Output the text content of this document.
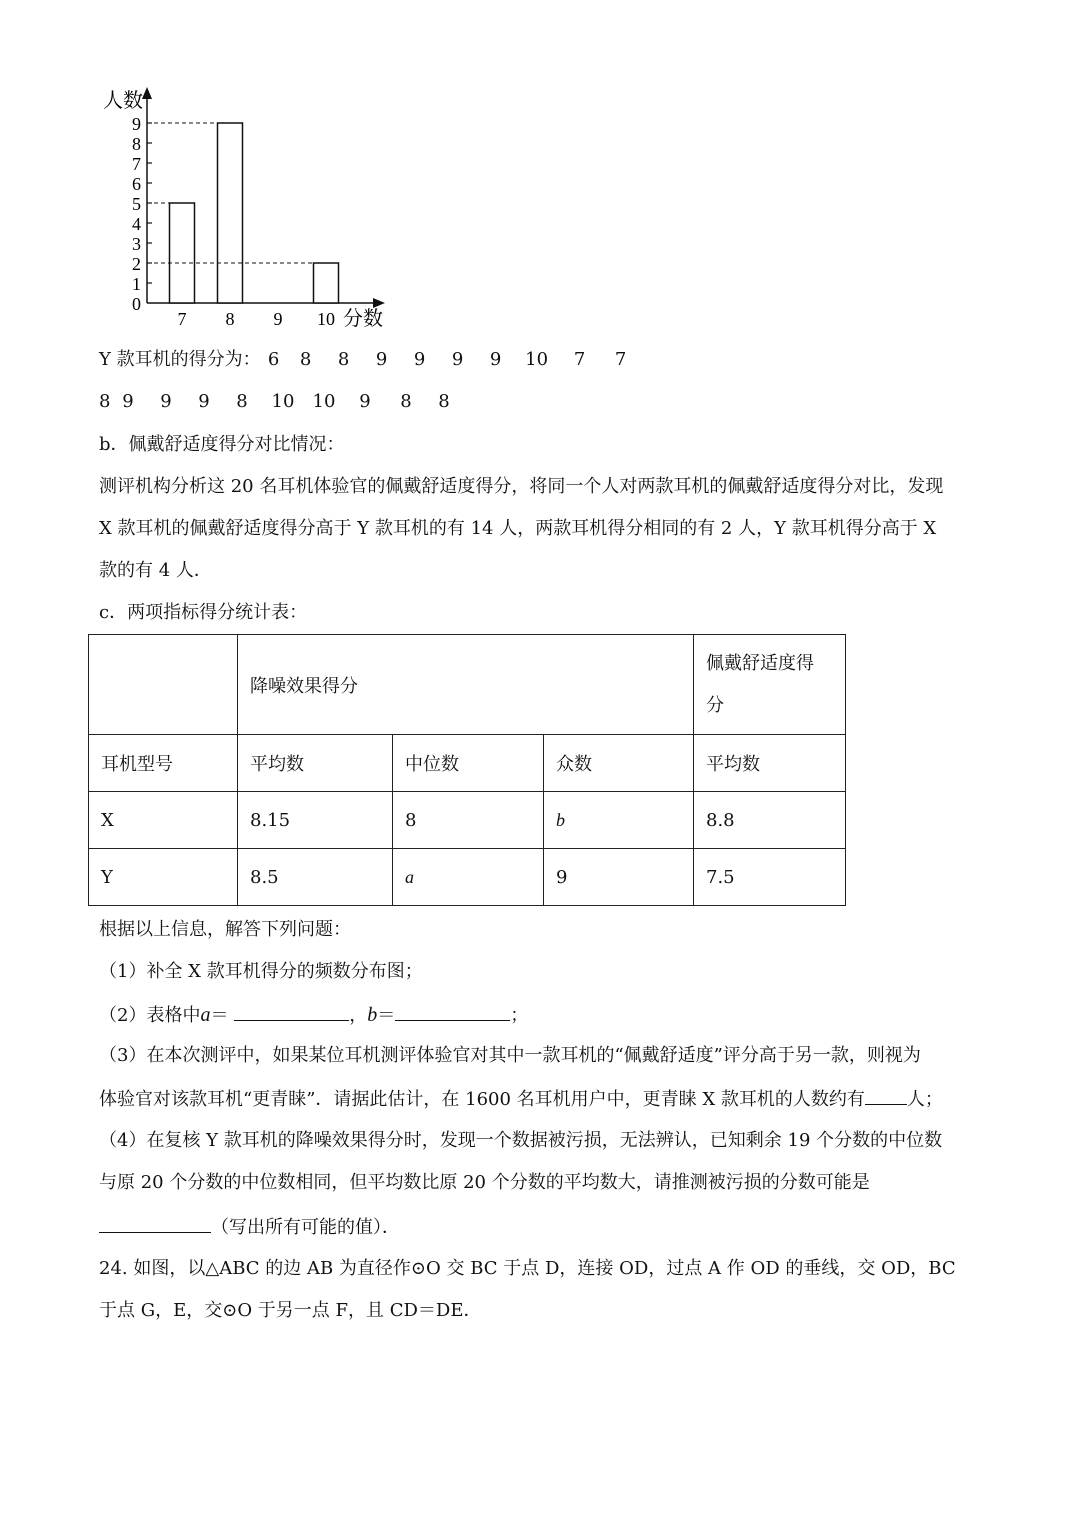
0
1
2
3
4
5
6
7
8
9
人数
分数
7 8 9 10
Y 款耳机的得分为： 6 8 8 9 9 9 9 10 7 7
8 9 9 9 8 10 10 9 8 8
b．佩戴舒适度得分对比情况：
测评机构分析这 20 名耳机体验官的佩戴舒适度得分，将同一个人对两款耳机的佩戴舒适度得分对比，发现
X 款耳机的佩戴舒适度得分高于 Y 款耳机的有 14 人，两款耳机得分相同的有 2 人，Y 款耳机得分高于 X
款的有 4 人．
c．两项指标得分统计表：
	降噪效果得分			佩戴舒适度得
分
耳机型号	平均数	中位数	众数	平均数
X	8.15	8	b	8.8
Y	8.5	a	9	7.5
根据以上信息，解答下列问题：
（1）补全 X 款耳机得分的频数分布图；
（2）表格中a＝	，b＝	；
（3）在本次测评中，如果某位耳机测评体验官对其中一款耳机的“佩戴舒适度”评分高于另一款，则视为
体验官对该款耳机“更青睐”．请据此估计，在 1600 名耳机用户中，更青睐 X 款耳机的人数约有 人；
（4）在复核 Y 款耳机的降噪效果得分时，发现一个数据被污损，无法辨认，已知剩余 19 个分数的中位数
与原 20 个分数的中位数相同，但平均数比原 20 个分数的平均数大，请推测被污损的分数可能是
（写出所有可能的值）．
24. 如图，以△ABC 的边 AB 为直径作⊙O 交 BC 于点 D，连接 OD，过点 A 作 OD 的垂线，交 OD，BC
于点 G，E，交⊙O 于另一点 F，且 CD＝DE．
